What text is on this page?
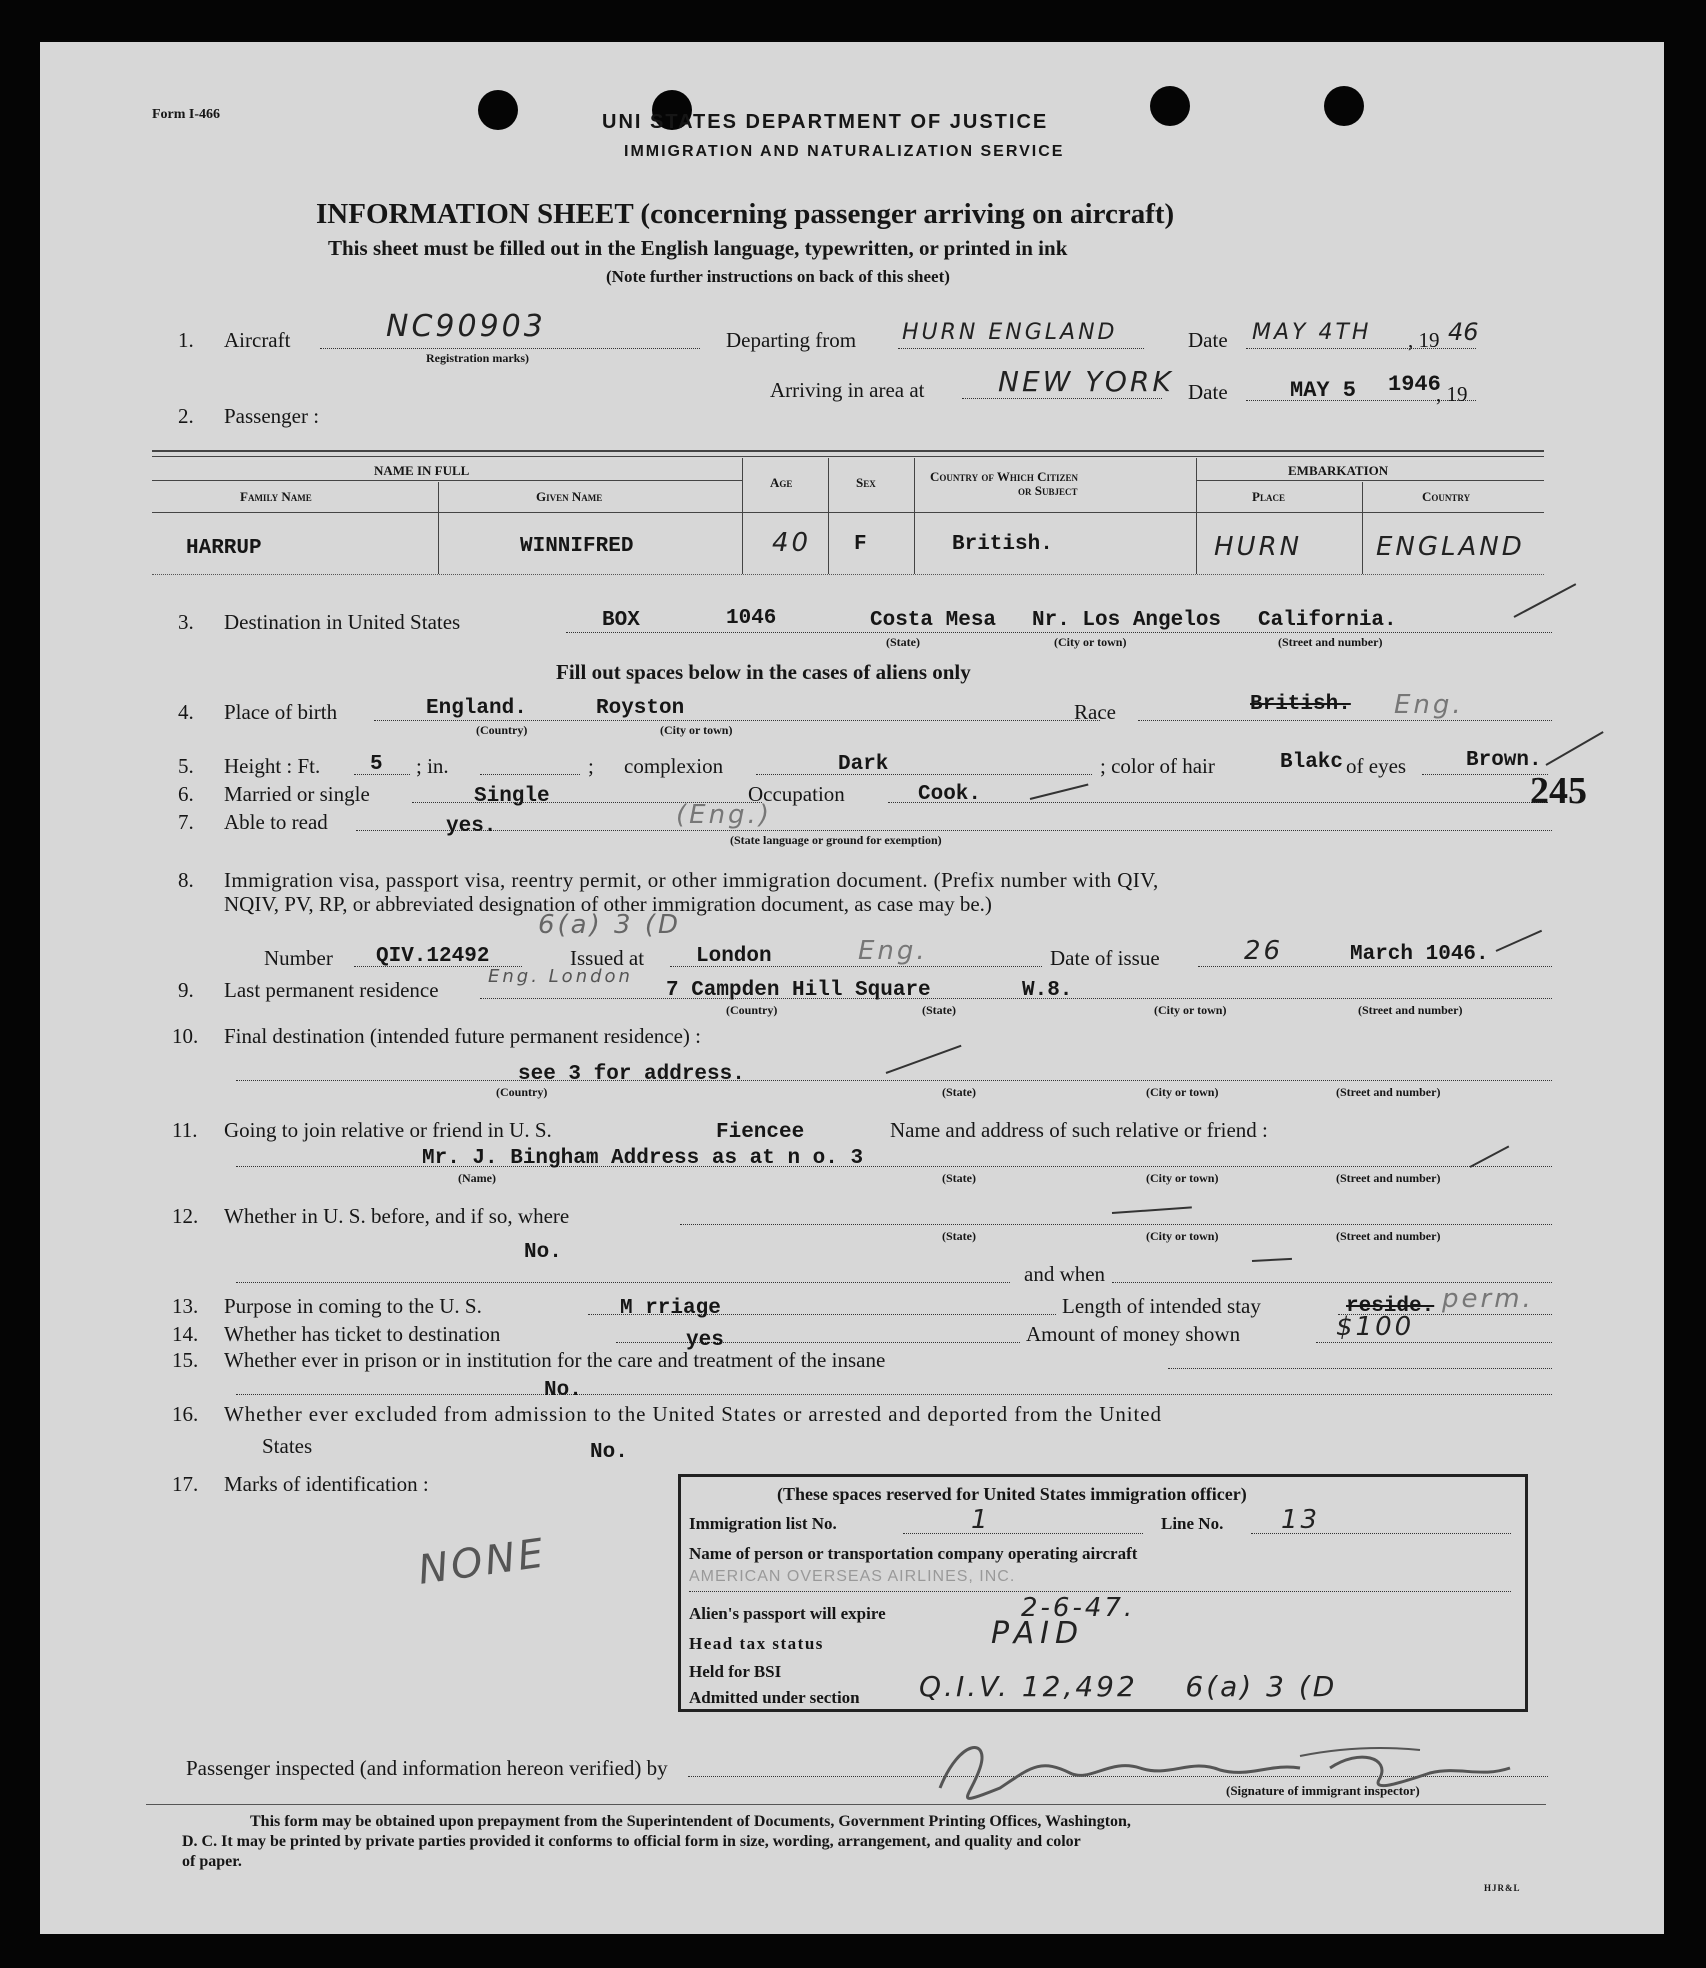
Form I-466	UNI STATES DEPARTMENT OF JUSTICE
IMMIGRATION AND NATURALIZATION SERVICE
INFORMATION SHEET (concerning passenger arriving on aircraft)
This sheet must be filled out in the English language, typewritten, or printed in ink
(Note further instructions on back of this sheet)
1. Aircraft	NC90903
Registration marks)
Departing from HURN ENGLAND	Date MAY 4TH , 19 46
Arriving in area at	NEW YORK Date	MAY 5 1946
, 19
2. Passenger :
NAME IN FULL
Family Name	Given Name
Age	Sex	Country of Which Citizen
or Subject
EMBARKATION
Place	Country
HARRUP	WINNIFRED	40 F	British.	HURN	ENGLAND
3. Destination in United States	BOX	1046	Costa Mesa Nr. Los Angelos California.
(State)	(City or town)	(Street and number)
Fill out spaces below in the cases of aliens only
4. Place of birth	England.	Royston
(Country)	(City or town)
Race	British. Eng.
5. Height : Ft. 5 ; in.	; complexion	Dark	; color of hair	Blakc of eyes	Brown.
245
6. Married or single	Single	Occupation	Cook.
7. Able to read	yes.	(Eng.)
(State language or ground for exemption)
8. Immigration visa, passport visa, reentry permit, or other immigration document. (Prefix number with QIV,
NQIV, PV, RP, or abbreviated designation of other immigration document, as case may be.)
6(a) 3 (D
Number QIV.12492	Issued at London	Eng.	Date of issue	26	March 1046.
9. Last permanent residence
Eng. London
7 Campden Hill Square	W.8.
(Country)	(State)	(City or town)	(Street and number)
10. Final destination (intended future permanent residence) :
see 3 for address.
(Country)	(State)	(City or town)	(Street and number)
11. Going to join relative or friend in U. S.	Fiencee	Name and address of such relative or friend :
Mr. J. Bingham Address as at n o. 3
(Name)	(State)	(City or town)	(Street and number)
12. Whether in U. S. before, and if so, where
No.
(State)	(City or town)	(Street and number)
and when
13. Purpose in coming to the U. S.	M rriage	Length of intended stay	reside. perm.
14. Whether has ticket to destination	yes	Amount of money shown	$100
15. Whether ever in prison or in institution for the care and treatment of the insane
No.
16. Whether ever excluded from admission to the United States or arrested and deported from the United
States	No.
17. Marks of identification :
NONE
(These spaces reserved for United States immigration officer)
Immigration list No.	1	Line No. 13
Name of person or transportation company operating aircraft
AMERICAN OVERSEAS AIRLINES, INC.
Alien's passport will expire	2-6-47.
Head tax status	PAID
Held for BSI
Admitted under section Q.I.V. 12,492    6(a) 3 (D
Passenger inspected (and information hereon verified) by
(Signature of immigrant inspector)
This form may be obtained upon prepayment from the Superintendent of Documents, Government Printing Offices, Washington,
D. C. It may be printed by private parties provided it conforms to official form in size, wording, arrangement, and quality and color
of paper.
HJR&L
